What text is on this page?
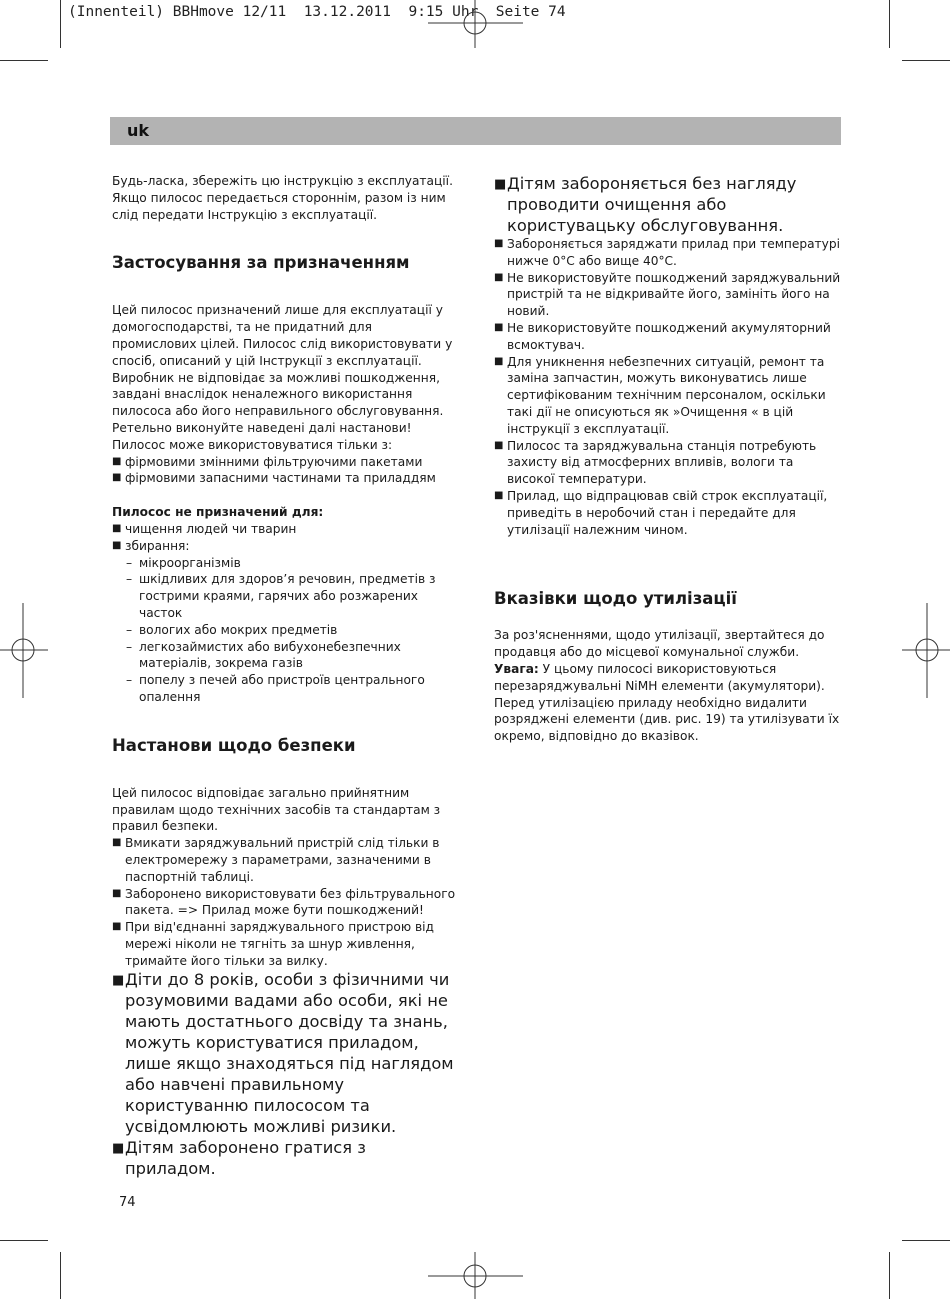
(Innenteil) BBHmove 12/11  13.12.2011  9:15 Uhr  Seite 74
uk

Будь-ласка, збережіть цю інструкцію з експлуатації. Якщо пилосос передається стороннім, разом із ним слід передати Інструкцію з експлуатації.

Застосування за призначенням

Цей пилосос призначений лише для експлуатації у домогосподарстві, та не придатний для промислових цілей. Пилосос слід використовувати у спосіб, описаний у цій Інструкції з експлуатації. Виробник не відповідає за можливі пошкодження, завдані внаслідок неналежного використання пилососа або його неправильного обслуговування. Ретельно виконуйте наведені далі настанови!

Пилосос може використовуватися тільки з:

■ фірмовими змінними фільтруючими пакетами
■ фірмовими запасними частинами та приладдям
Пилосос не призначений для:
■ чищення людей чи тварин
■ збирання:
– мікроорганізмів
– шкідливих для здоров’я речовин, предметів з гострими краями, гарячих або розжарених часток
– вологих або мокрих предметів
– легкозаймистих або вибухонебезпечних матеріалів, зокрема газів
– попелу з печей або пристроїв центрального опалення
Настанови щодо безпеки

Цей пилосос відповідає загально прийнятним правилам щодо технічних засобів та стандартам з правил безпеки.

■ Вмикати заряджувальний пристрій слід тільки в електромережу з параметрами, зазначеними в паспортній таблиці.
■ Заборонено використовувати без фільтрувального пакета. => Прилад може бути пошкоджений!
■ При від'єднанні заряджувального пристрою від мережі ніколи не тягніть за шнур живлення, тримайте його тільки за вилку.
■ Діти до 8 років, особи з фізичними чи розумовими вадами або особи, які не мають достатнього досвіду та знань, можуть користуватися приладом, лише якщо знаходяться під наглядом або навчені правильному користуванню пилососом та усвідомлюють можливі ризики.
■ Дітям заборонено гратися з приладом.
■ Дітям забороняється без нагляду проводити очищення або користувацьку обслуговування.
■ Забороняється заряджати прилад при температурі нижче 0°C або вище 40°C.
■ Не використовуйте пошкоджений заряджувальний пристрій та не відкривайте його, замініть його на новий.
■ Не використовуйте пошкоджений акумуляторний всмоктувач.
■ Для уникнення небезпечних ситуацій, ремонт та заміна запчастин, можуть виконуватись лише сертифікованим технічним персоналом, оскільки такі дії не описуються як »Очищення « в цій інструкції з експлуатації.
■ Пилосос та заряджувальна станція потребують захисту від атмосферних впливів, вологи та високої температури.
■ Прилад, що відпрацював свій строк експлуатації, приведіть в неробочий стан і передайте для утилізації належним чином.
Вказівки щодо утилізації

За роз'ясненнями, щодо утилізації, звертайтеся до продавця або до місцевої комунальної служби.

Увага: У цьому пилососі використовуються перезаряджувальні NiMH елементи (акумулятори). Перед утилізацією приладу необхідно видалити розряджені елементи (див. рис. 19) та утилізувати їх окремо, відповідно до вказівок.

74
